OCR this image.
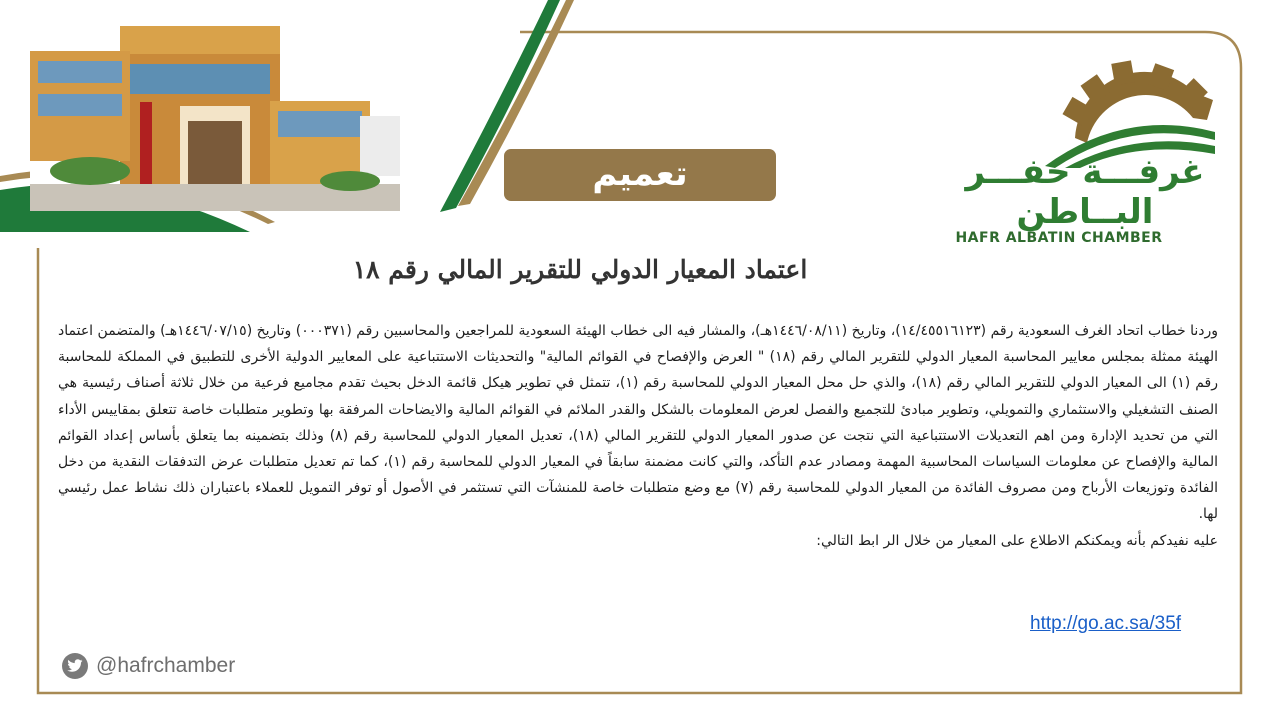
غرفـــة حفـــر البــاطن
HAFR ALBATIN CHAMBER
تعميم
اعتماد المعيار الدولي للتقرير المالي رقم ١٨

وردنا خطاب اتحاد الغرف السعودية رقم (١٤/٤٥٥١٦١٢٣)، وتاريخ (١٤٤٦/٠٨/١١هـ)، والمشار فيه الى خطاب الهيئة السعودية للمراجعين والمحاسبين رقم (٠٠٠٣٧١) وتاريخ (١٤٤٦/٠٧/١٥هـ) والمتضمن اعتماد الهيئة ممثلة بمجلس معايير المحاسبة المعيار الدولي للتقرير المالي رقم (١٨) " العرض والإفصاح في القوائم المالية" والتحديثات الاستتباعية على المعايير الدولية الأخرى للتطبيق في المملكة للمحاسبة رقم (١) الى المعيار الدولي للتقرير المالي رقم (١٨)، والذي حل محل المعيار الدولي للمحاسبة رقم (١)، تتمثل في تطوير هيكل قائمة الدخل بحيث تقدم مجاميع فرعية من خلال ثلاثة أصناف رئيسية هي الصنف التشغيلي والاستثماري والتمويلي، وتطوير مبادئ للتجميع والفصل لعرض المعلومات بالشكل والقدر الملائم في القوائم المالية والايضاحات المرفقة بها وتطوير متطلبات خاصة تتعلق بمقاييس الأداء التي من تحديد الإدارة ومن اهم التعديلات الاستتباعية التي نتجت عن صدور المعيار الدولي للتقرير المالي (١٨)، تعديل المعيار الدولي للمحاسبة رقم (٨) وذلك بتضمينه بما يتعلق بأساس إعداد القوائم المالية والإفصاح عن معلومات السياسات المحاسبية المهمة ومصادر عدم التأكد، والتي كانت مضمنة سابقاً في المعيار الدولي للمحاسبة رقم (١)، كما تم تعديل متطلبات عرض التدفقات النقدية من دخل الفائدة وتوزيعات الأرباح ومن مصروف الفائدة من المعيار الدولي للمحاسبة رقم (٧) مع وضع متطلبات خاصة للمنشآت التي تستثمر في الأصول أو توفر التمويل للعملاء باعتباران ذلك نشاط عمل رئيسي لها.

عليه نفيدكم بأنه ويمكنكم الاطلاع على المعيار من خلال الر ابط التالي:

http://go.ac.sa/35f
@hafrchamber
